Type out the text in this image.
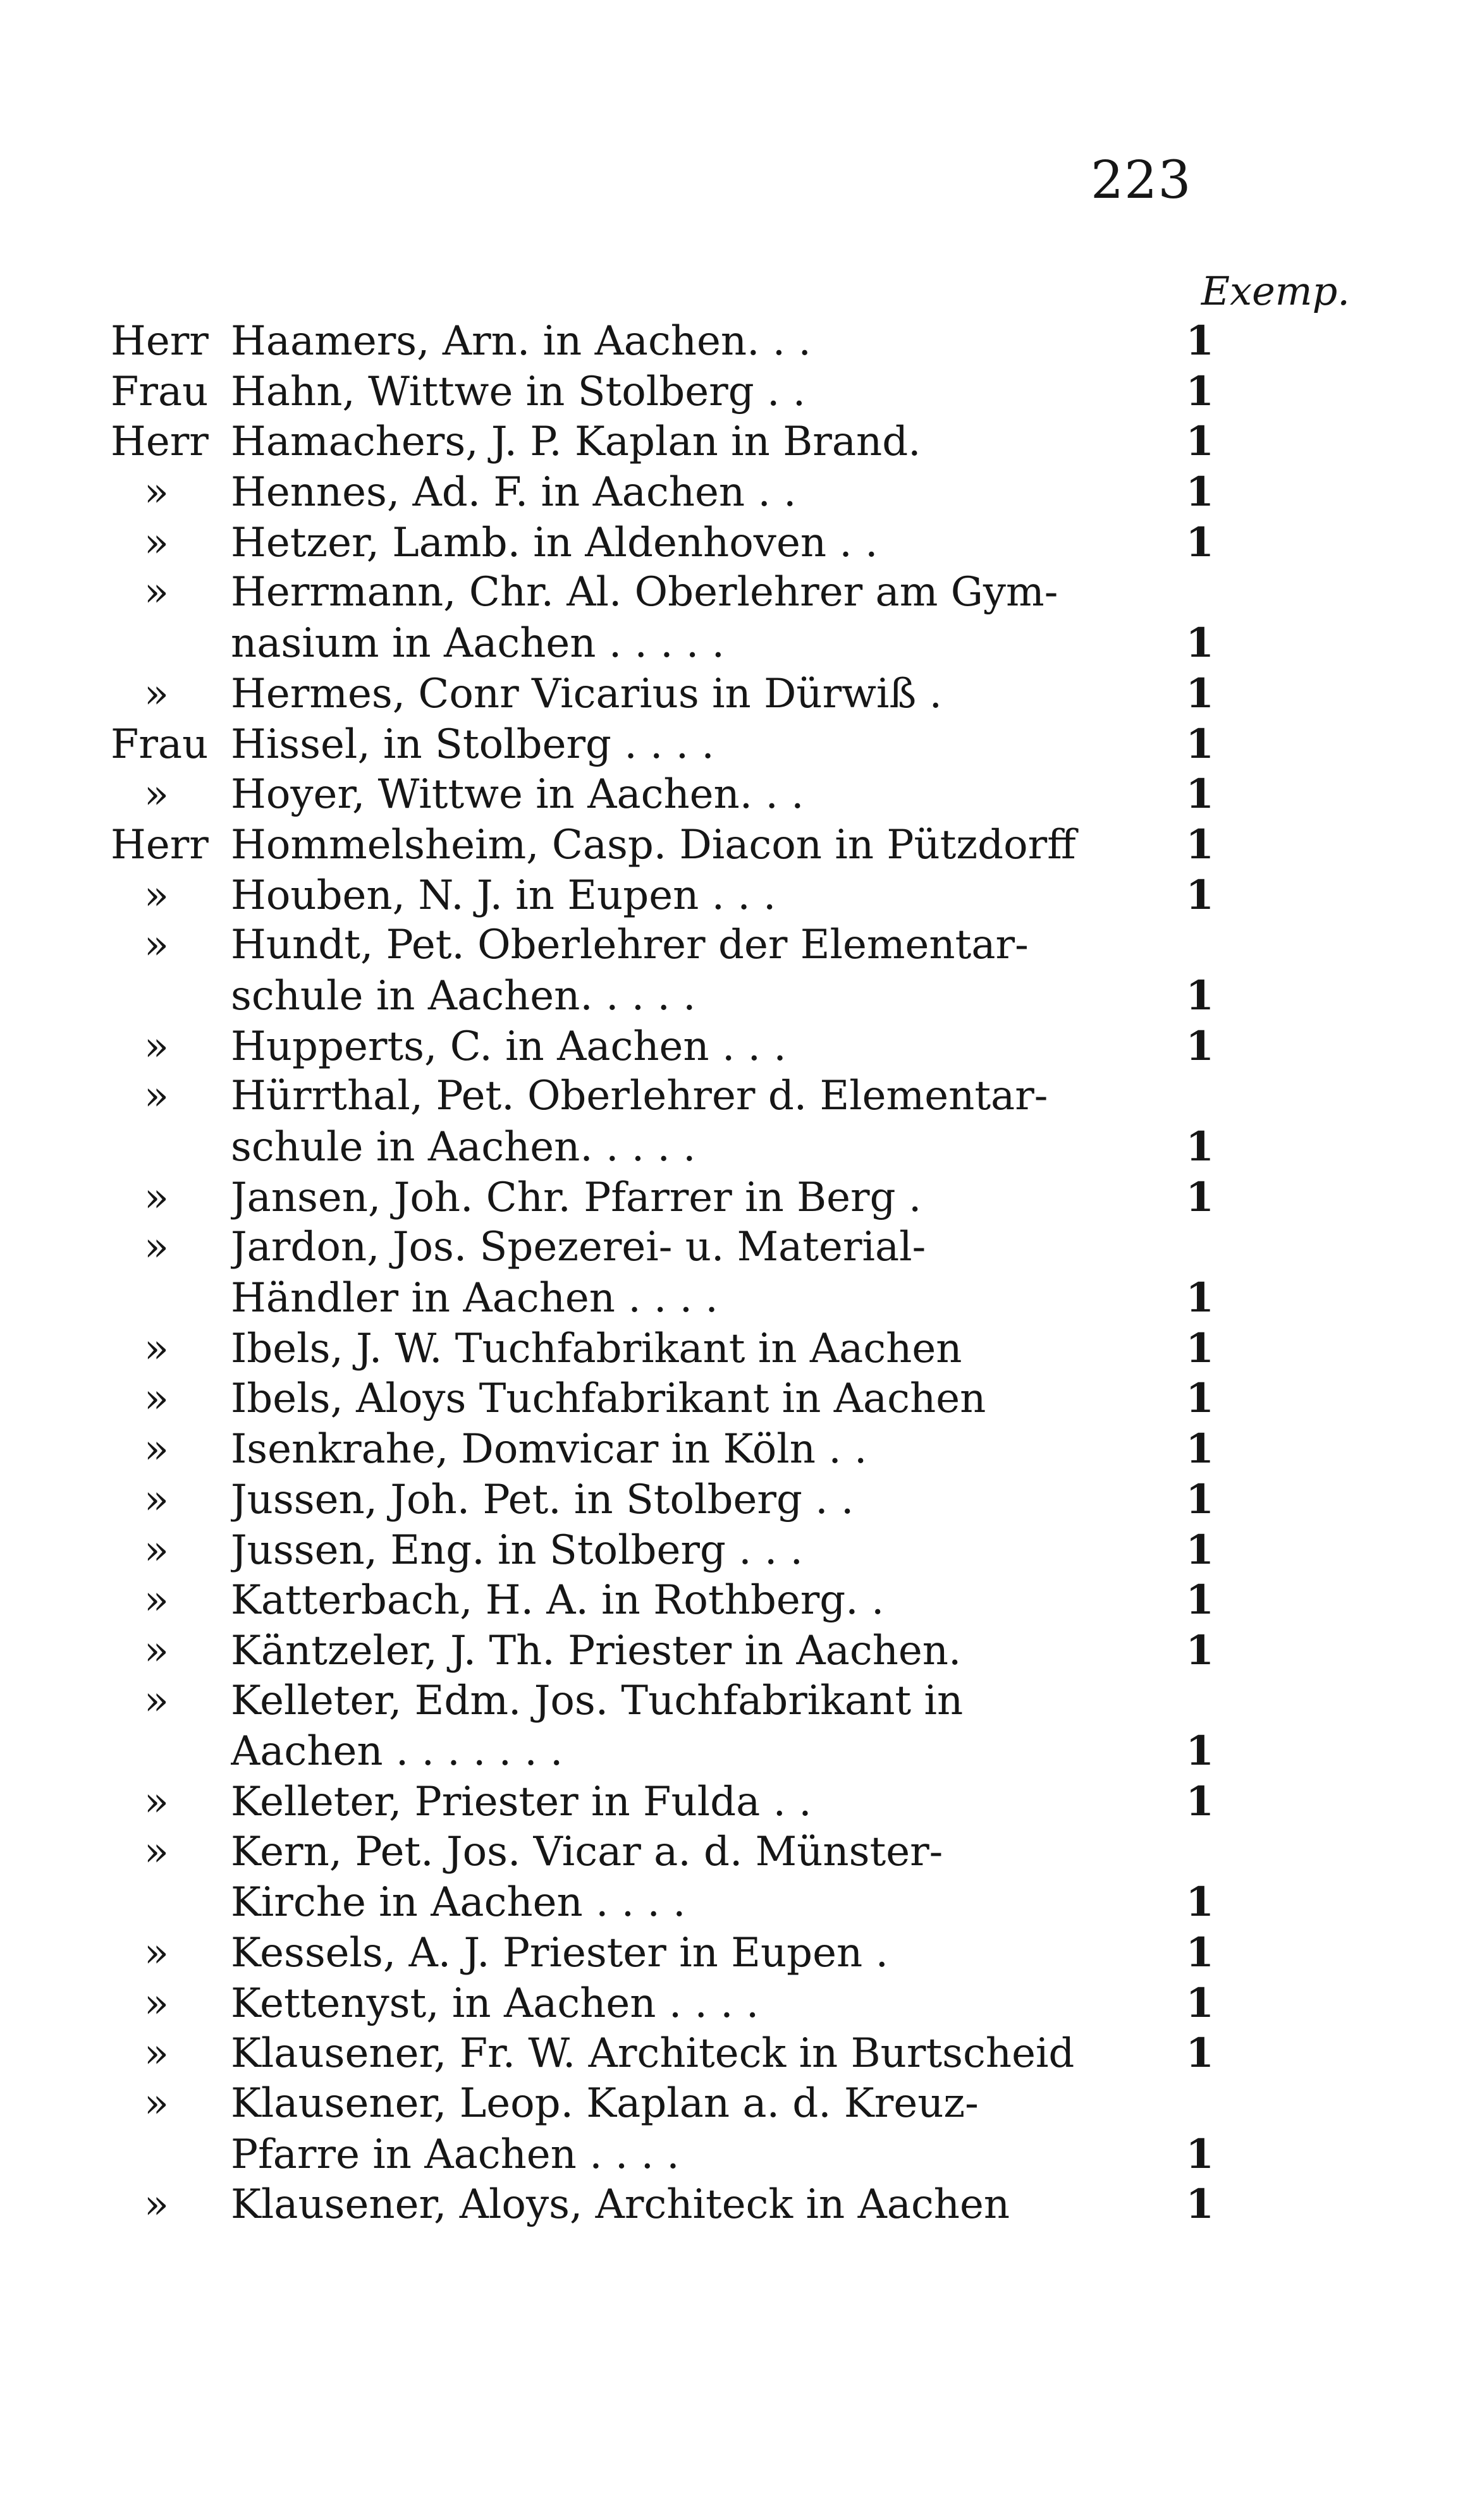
223
Exemp.
Herr Haamers, Arn. in Aachen. . .	1
Frau Hahn, Wittwe in Stolberg . .	1
Herr Hamachers, J. P. Kaplan in Brand.	1
»	Hennes, Ad. F. in Aachen . .	1
»	Hetzer, Lamb. in Aldenhoven . .	1
»	Herrmann, Chr. Al. Oberlehrer am Gym-
nasium in Aachen . . . . .	1
»	Hermes, Conr Vicarius in Dürwiß .	1
Frau Hissel, in Stolberg . . . .	1
»	Hoyer, Wittwe in Aachen. . .	1
Herr Hommelsheim, Casp. Diacon in Pützdorff	1
»	Houben, N. J. in Eupen . . .	1
»	Hundt, Pet. Oberlehrer der Elementar-
schule in Aachen. . . . .	1
»	Hupperts, C. in Aachen . . .	1
»	Hürrthal, Pet. Oberlehrer d. Elementar-
schule in Aachen. . . . .	1
»	Jansen, Joh. Chr. Pfarrer in Berg .	1
»	Jardon, Jos. Spezerei- u. Material-
Händler in Aachen . . . .	1
»	Ibels, J. W. Tuchfabrikant in Aachen	1
»	Ibels, Aloys Tuchfabrikant in Aachen	1
»	Isenkrahe, Domvicar in Köln . .	1
»	Jussen, Joh. Pet. in Stolberg . .	1
»	Jussen, Eng. in Stolberg . . .	1
»	Katterbach, H. A. in Rothberg. .	1
»	Käntzeler, J. Th. Priester in Aachen.	1
»	Kelleter, Edm. Jos. Tuchfabrikant in
Aachen . . . . . . .	1
»	Kelleter, Priester in Fulda . .	1
»	Kern, Pet. Jos. Vicar a. d. Münster-
Kirche in Aachen . . . .	1
»	Kessels, A. J. Priester in Eupen .	1
»	Kettenyst, in Aachen . . . .	1
»	Klausener, Fr. W. Architeck in Burtscheid	1
»	Klausener, Leop. Kaplan a. d. Kreuz-
Pfarre in Aachen . . . .	1
»	Klausener, Aloys, Architeck in Aachen	1
